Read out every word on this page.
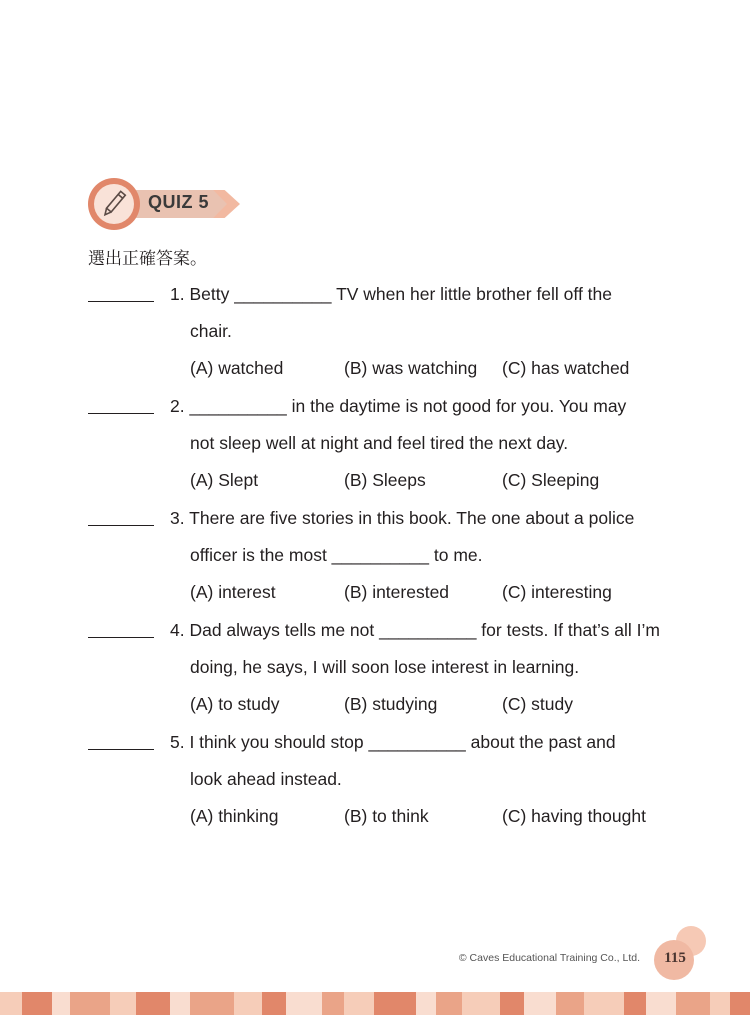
QUIZ 5
選出正確答案。
1. Betty __________ TV when her little brother fell off the
chair.
(A) watched	(B) was watching (C) has watched
2. __________ in the daytime is not good for you. You may
not sleep well at night and feel tired the next day.
(A) Slept	(B) Sleeps	(C) Sleeping
3. There are five stories in this book. The one about a police
officer is the most __________ to me.
(A) interest	(B) interested	(C) interesting
4. Dad always tells me not __________ for tests. If that’s all I’m
doing, he says, I will soon lose interest in learning.
(A) to study	(B) studying	(C) study
5. I think you should stop __________ about the past and
look ahead instead.
(A) thinking	(B) to think	(C) having thought
© Caves Educational Training Co., Ltd.	115
